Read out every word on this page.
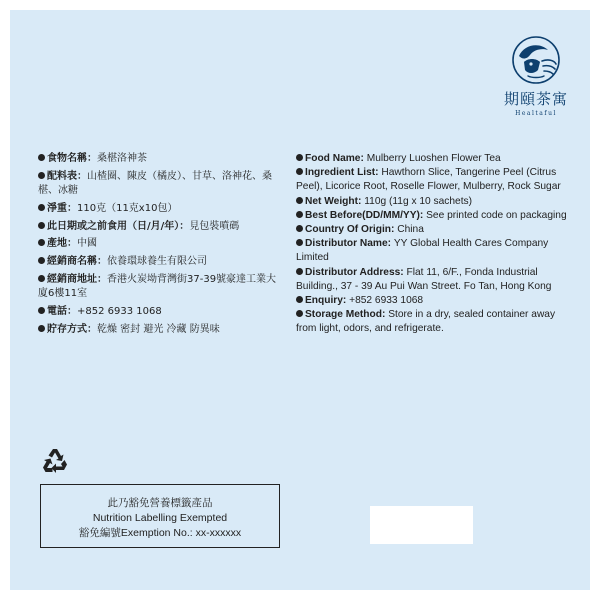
期頤茶寓
Healtaful
食物名稱：桑椹洛神茶
配料表：山楂圈、陳皮（橘皮）、甘草、洛神花、桑椹、冰糖
淨重：110克（11克x10包）
此日期或之前食用（日/月/年）：見包裝噴碼
產地：中國
經銷商名稱：依養環球養生有限公司
經銷商地址：香港火炭坳背灣街37-39號豪達工業大廈6樓11室
電話：+852 6933 1068
貯存方式：乾燥 密封 避光 冷藏 防異味
Food Name: Mulberry Luoshen Flower Tea
Ingredient List: Hawthorn Slice, Tangerine Peel (Citrus Peel), Licorice Root, Roselle Flower, Mulberry, Rock Sugar
Net Weight: 110g (11g x 10 sachets)
Best Before(DD/MM/YY): See printed code on packaging
Country Of Origin: China
Distributor Name: YY Global Health Cares Company Limited
Distributor Address: Flat 11, 6/F., Fonda Industrial Building., 37 - 39 Au Pui Wan Street. Fo Tan, Hong Kong
Enquiry: +852 6933 1068
Storage Method: Store in a dry, sealed container away from light, odors, and refrigerate.
此乃豁免營養標籤產品
Nutrition Labelling Exempted
豁免編號Exemption No.: xx-xxxxxx
